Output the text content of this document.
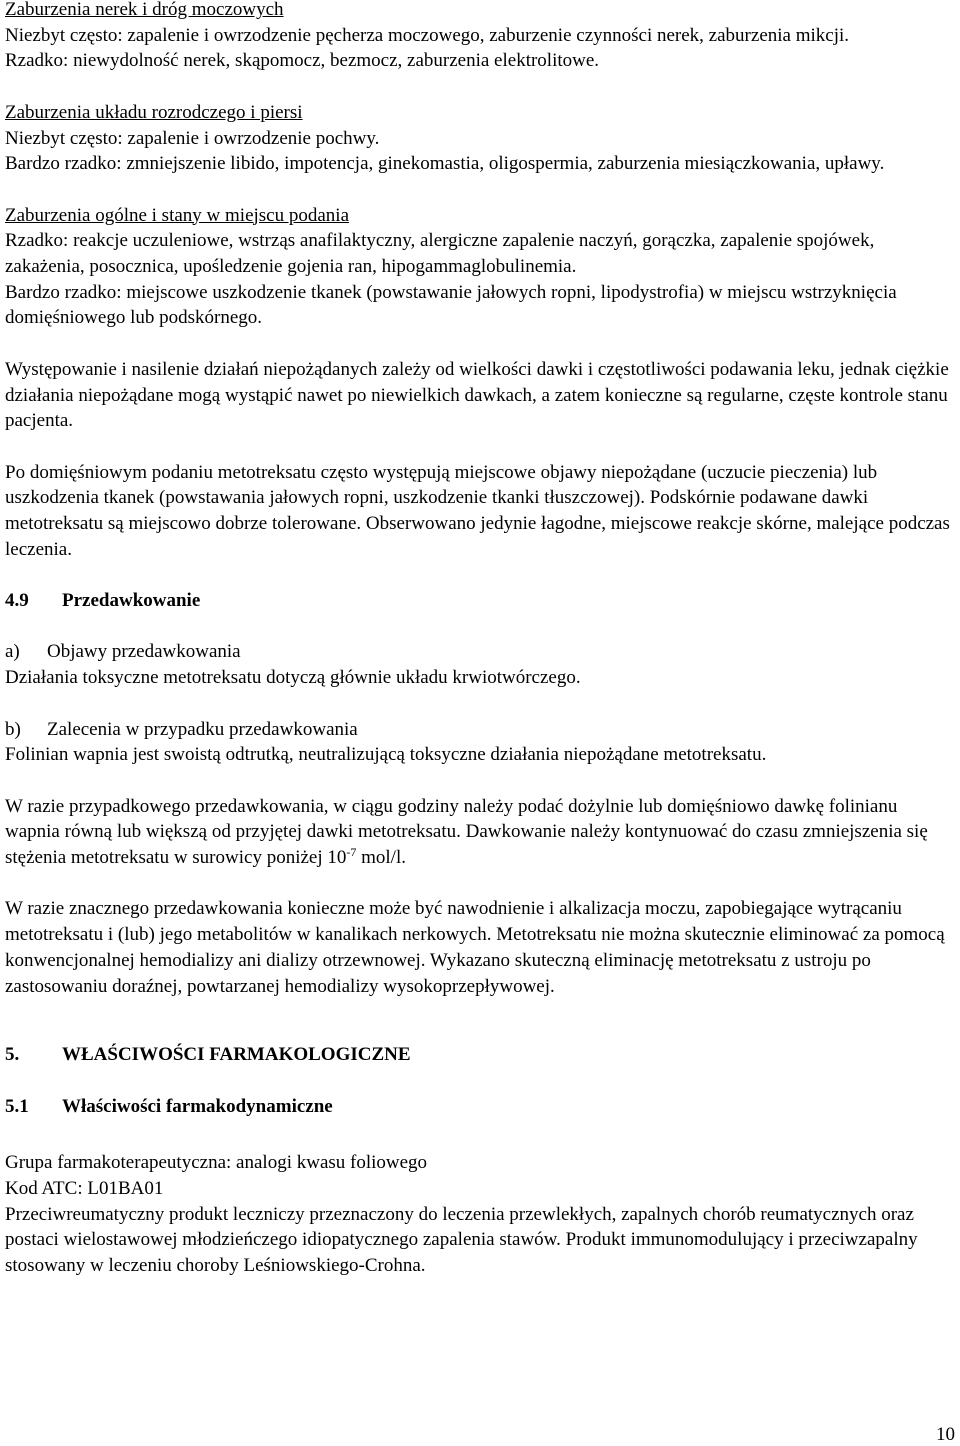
Zaburzenia nerek i dróg moczowych

Niezbyt często: zapalenie i owrzodzenie pęcherza moczowego, zaburzenie czynności nerek, zaburzenia mikcji.

Rzadko: niewydolność nerek, skąpomocz, bezmocz, zaburzenia elektrolitowe.

Zaburzenia układu rozrodczego i piersi

Niezbyt często: zapalenie i owrzodzenie pochwy.

Bardzo rzadko: zmniejszenie libido, impotencja, ginekomastia, oligospermia, zaburzenia miesiączkowania, upławy.

Zaburzenia ogólne i stany w miejscu podania

Rzadko: reakcje uczuleniowe, wstrząs anafilaktyczny, alergiczne zapalenie naczyń, gorączka, zapalenie spojówek, zakażenia, posocznica, upośledzenie gojenia ran, hipogammaglobulinemia.

Bardzo rzadko: miejscowe uszkodzenie tkanek (powstawanie jałowych ropni, lipodystrofia) w miejscu wstrzyknięcia domięśniowego lub podskórnego.

Występowanie i nasilenie działań niepożądanych zależy od wielkości dawki i częstotliwości podawania leku, jednak ciężkie działania niepożądane mogą wystąpić nawet po niewielkich dawkach, a zatem konieczne są regularne, częste kontrole stanu pacjenta.

Po domięśniowym podaniu metotreksatu często występują miejscowe objawy niepożądane (uczucie pieczenia) lub uszkodzenia tkanek (powstawania jałowych ropni, uszkodzenie tkanki tłuszczowej). Podskórnie podawane dawki metotreksatu są miejscowo dobrze tolerowane. Obserwowano jedynie łagodne, miejscowe reakcje skórne, malejące podczas leczenia.

4.9 Przedawkowanie

a) Objawy przedawkowania

Działania toksyczne metotreksatu dotyczą głównie układu krwiotwórczego.

b) Zalecenia w przypadku przedawkowania

Folinian wapnia jest swoistą odtrutką, neutralizującą toksyczne działania niepożądane metotreksatu.

W razie przypadkowego przedawkowania, w ciągu godziny należy podać dożylnie lub domięśniowo dawkę folinianu wapnia równą lub większą od przyjętej dawki metotreksatu. Dawkowanie należy kontynuować do czasu zmniejszenia się stężenia metotreksatu w surowicy poniżej $10^{-7}$ mol/l.

W razie znacznego przedawkowania konieczne może być nawodnienie i alkalizacja moczu, zapobiegające wytrącaniu metotreksatu i (lub) jego metabolitów w kanalikach nerkowych. Metotreksatu nie można skutecznie eliminować za pomocą konwencjonalnej hemodializy ani dializy otrzewnowej. Wykazano skuteczną eliminację metotreksatu z ustroju po zastosowaniu doraźnej, powtarzanej hemodializy wysokoprzepływowej.

5. WŁAŚCIWOŚCI FARMAKOLOGICZNE

5.1 Właściwości farmakodynamiczne

Grupa farmakoterapeutyczna: analogi kwasu foliowego

Kod ATC: L01BA01

Przeciwreumatyczny produkt leczniczy przeznaczony do leczenia przewlekłych, zapalnych chorób reumatycznych oraz postaci wielostawowej młodzieńczego idiopatycznego zapalenia stawów. Produkt immunomodulujący i przeciwzapalny stosowany w leczeniu choroby Leśniowskiego-Crohna.

10
